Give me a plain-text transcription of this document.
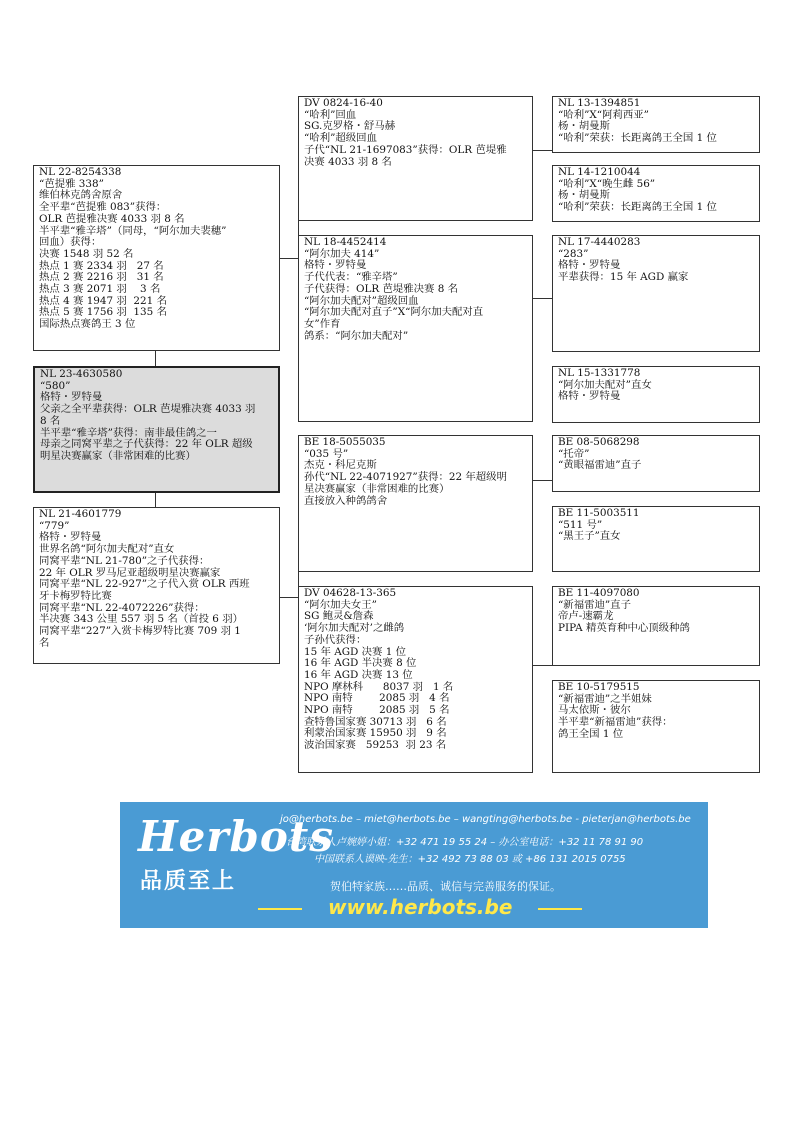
NL 22-8254338
“芭提雅 338”
维伯林克鸽舍原舍
全平辈“芭提雅 083”获得：
OLR 芭提雅决赛 4033 羽 8 名
半平辈“雅辛塔”（同母，“阿尔加夫裴穗”
回血）获得：
决赛 1548 羽 52 名
热点 1 赛 2334 羽   27 名
热点 2 赛 2216 羽   31 名
热点 3 赛 2071 羽    3 名
热点 4 赛 1947 羽  221 名
热点 5 赛 1756 羽  135 名
国际热点赛鸽王 3 位
NL 23-4630580
“580”
格特・罗特曼
父亲之全平辈获得：OLR 芭堤雅决赛 4033 羽
8 名
半平辈“雅辛塔”获得：南非最佳鸽之一
母亲之同窝平辈之子代获得：22 年 OLR 超级
明星决赛赢家（非常困难的比赛）
NL 21-4601779
“779”
格特・罗特曼
世界名鸽“阿尔加夫配对”直女
同窝平辈“NL 21-780”之子代获得：
22 年 OLR 罗马尼亚超级明星决赛赢家
同窝平辈“NL 22-927”之子代入赏 OLR 西班
牙卡梅罗特比赛
同窝平辈“NL 22-4072226”获得：
半决赛 343 公里 557 羽 5 名（首投 6 羽）
同窝平辈“227”入赏卡梅罗特比赛 709 羽 1
名
DV 0824-16-40
“哈利”回血
SG.克罗格・舒马赫
“哈利”超级回血
子代“NL 21-1697083”获得：OLR 芭堤雅
决赛 4033 羽 8 名
NL 18-4452414
“阿尔加夫 414”
格特・罗特曼
子代代表：“雅辛塔”
子代获得：OLR 芭堤雅决赛 8 名
“阿尔加夫配对”超级回血
“阿尔加夫配对直子”X“阿尔加夫配对直
女”作育
鸽系：“阿尔加夫配对”
BE 18-5055035
“035 号”
杰克・科尼克斯
孙代“NL 22-4071927”获得：22 年超级明
星决赛赢家（非常困难的比赛）
直接放入种鸽鸽舍
DV 04628-13-365
“阿尔加夫女王”
SG 鲍灵&詹森
‘阿尔加夫配对’之雌鸽
子孙代获得：
15 年 AGD 决赛 1 位
16 年 AGD 半决赛 8 位
16 年 AGD 决赛 13 位
NPO 摩林科      8037 羽   1 名
NPO 南特        2085 羽   4 名
NPO 南特        2085 羽   5 名
查特鲁国家赛 30713 羽   6 名
利蒙治国家赛 15950 羽   9 名
波治国家赛   59253  羽 23 名
NL 13-1394851
“哈利”X“阿莉西亚”
杨・胡曼斯
“哈利”荣获：长距离鸽王全国 1 位
NL 14-1210044
“哈利”X“晚生雌 56”
杨・胡曼斯
“哈利”荣获：长距离鸽王全国 1 位
NL 17-4440283
“283”
格特・罗特曼
平辈获得：15 年 AGD 赢家
NL 15-1331778
“阿尔加夫配对”直女
格特・罗特曼
BE 08-5068298
“托帝”
“黄眼福雷迪”直子
BE 11-5003511
“511 号”
“黑王子”直女
BE 11-4097080
“新福雷迪”直子
帝卢-速霸龙
PIPA 精英育种中心顶级种鸽
BE 10-5179515
“新福雷迪”之半姐妹
马太依斯・彼尔
半平辈“新福雷迪”获得：
鸽王全国 1 位
Herbots
品质至上
jo@herbots.be – miet@herbots.be – wangting@herbots.be - pieterjan@herbots.be
台湾联系人卢婉婷小姐：+32 471 19 55 24 – 办公室电话：+32 11 78 91 90
中国联系人谟映-先生：+32 492 73 88 03 或 +86 131 2015 0755
贺伯特家族……品质、诚信与完善服务的保证。
www.herbots.be
